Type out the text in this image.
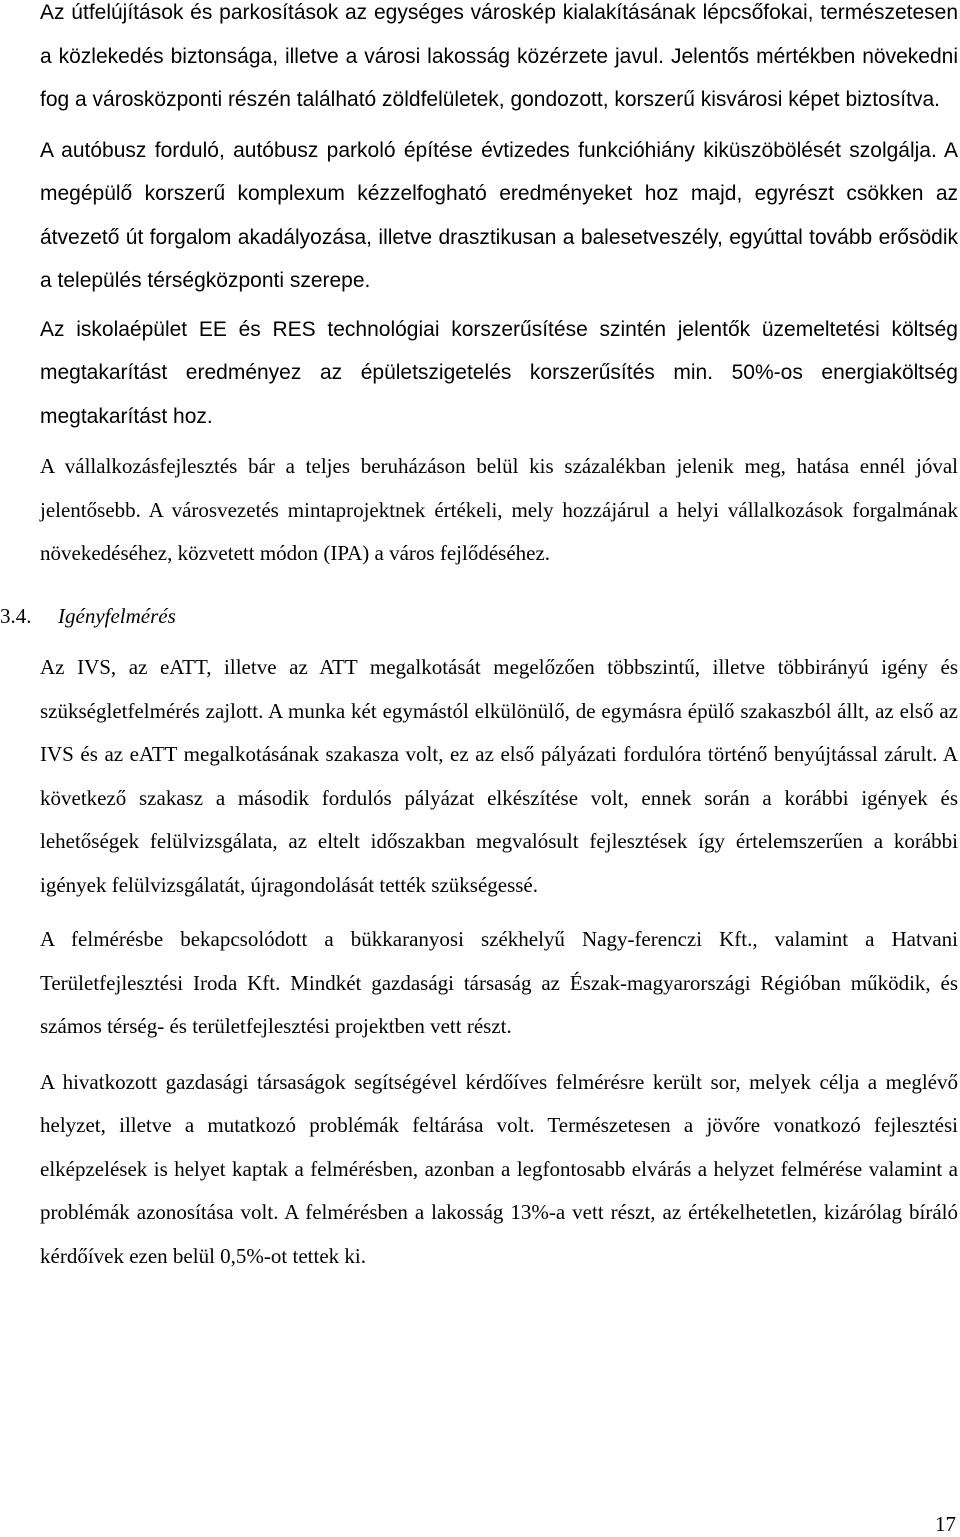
Az útfelújítások és parkosítások az egységes városkép kialakításának lépcsőfokai, természetesen a közlekedés biztonsága, illetve a városi lakosság közérzete javul. Jelentős mértékben növekedni fog a városközponti részén található zöldfelületek, gondozott, korszerű kisvárosi képet biztosítva.

A autóbusz forduló, autóbusz parkoló építése évtizedes funkcióhiány kiküszöbölését szolgálja. A megépülő korszerű komplexum kézzelfogható eredményeket hoz majd, egyrészt csökken az átvezető út forgalom akadályozása, illetve drasztikusan a balesetveszély, egyúttal tovább erősödik a település térségközponti szerepe.

Az iskolaépület EE és RES technológiai korszerűsítése szintén jelentők üzemeltetési költség megtakarítást eredményez az épületszigetelés korszerűsítés min. 50%-os energiaköltség megtakarítást hoz.

A vállalkozásfejlesztés bár a teljes beruházáson belül kis százalékban jelenik meg, hatása ennél jóval jelentősebb. A városvezetés mintaprojektnek értékeli, mely hozzájárul a helyi vállalkozások forgalmának növekedéséhez, közvetett módon (IPA) a város fejlődéséhez.

3.4.	Igényfelmérés

Az IVS, az eATT, illetve az ATT megalkotását megelőzően többszintű, illetve többirányú igény és szükségletfelmérés zajlott. A munka két egymástól elkülönülő, de egymásra épülő szakaszból állt, az első az IVS és az eATT megalkotásának szakasza volt, ez az első pályázati fordulóra történő benyújtással zárult. A következő szakasz a második fordulós pályázat elkészítése volt, ennek során a korábbi igények és lehetőségek felülvizsgálata, az eltelt időszakban megvalósult fejlesztések így értelemszerűen a korábbi igények felülvizsgálatát, újragondolását tették szükségessé.

A felmérésbe bekapcsolódott a bükkaranyosi székhelyű Nagy-ferenczi Kft., valamint a Hatvani Területfejlesztési Iroda Kft. Mindkét gazdasági társaság az Észak-magyarországi Régióban működik, és számos térség- és területfejlesztési projektben vett részt.

A hivatkozott gazdasági társaságok segítségével kérdőíves felmérésre került sor, melyek célja a meglévő helyzet, illetve a mutatkozó problémák feltárása volt. Természetesen a jövőre vonatkozó fejlesztési elképzelések is helyet kaptak a felmérésben, azonban a legfontosabb elvárás a helyzet felmérése valamint a problémák azonosítása volt. A felmérésben a lakosság 13%-a vett részt, az értékelhetetlen, kizárólag bíráló kérdőívek ezen belül 0,5%-ot tettek ki.

17
